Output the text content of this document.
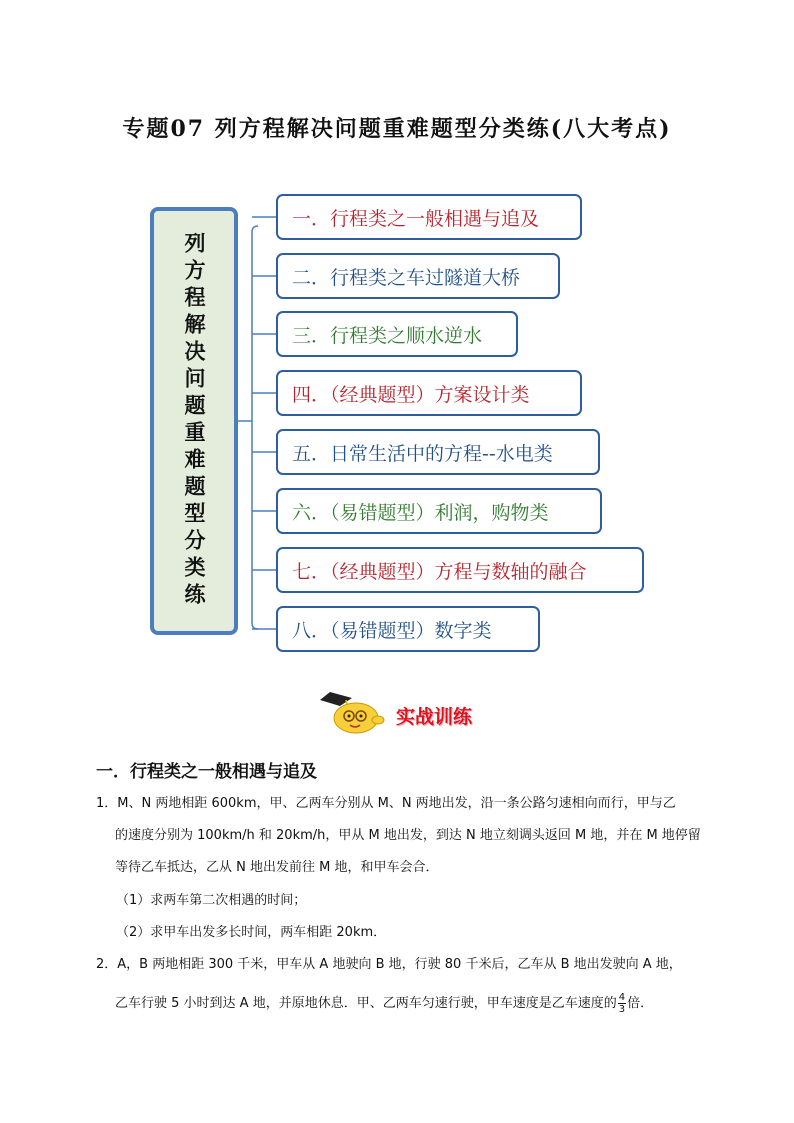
专题07 列方程解决问题重难题型分类练(八大考点)
列方程解决问题重难题型分类练
一．行程类之一般相遇与追及
二．行程类之车过隧道大桥
三．行程类之顺水逆水
四．（经典题型）方案设计类
五．日常生活中的方程--水电类
六．（易错题型）利润，购物类
七．（经典题型）方程与数轴的融合
八．（易错题型）数字类
实战训练
一．行程类之一般相遇与追及
1．M、N 两地相距 600km，甲、乙两车分别从 M、N 两地出发，沿一条公路匀速相向而行，甲与乙
的速度分别为 100km/h 和 20km/h，甲从 M 地出发，到达 N 地立刻调头返回 M 地，并在 M 地停留
等待乙车抵达，乙从 N 地出发前往 M 地，和甲车会合．
（1）求两车第二次相遇的时间；
（2）求甲车出发多长时间，两车相距 20km．
2．A，B 两地相距 300 千米，甲车从 A 地驶向 B 地，行驶 80 千米后，乙车从 B 地出发驶向 A 地，
乙车行驶 5 小时到达 A 地，并原地休息．甲、乙两车匀速行驶，甲车速度是乙车速度的 $\frac{4}{3}$ 倍．
